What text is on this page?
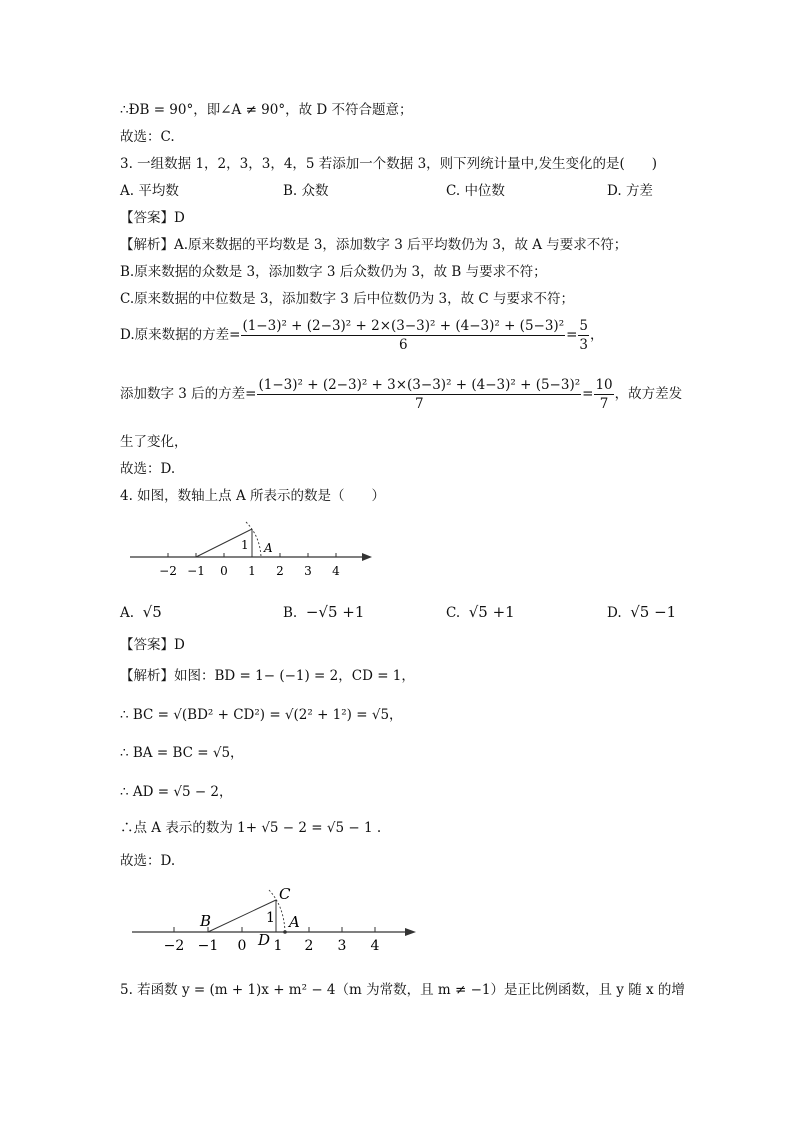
∴ÐB = 90°，即∠A ≠ 90°，故 D 不符合题意；
故选：C.
3. 一组数据 1，2，3，3，4，5 若添加一个数据 3，则下列统计量中,发生变化的是(　　)
A. 平均数	B. 众数	C. 中位数	D. 方差
【答案】D
【解析】A.原来数据的平均数是 3，添加数字 3 后平均数仍为 3，故 A 与要求不符；
B.原来数据的众数是 3，添加数字 3 后众数仍为 3，故 B 与要求不符；
C.原来数据的中位数是 3，添加数字 3 后中位数仍为 3，故 C 与要求不符；
D.原来数据的方差= $\frac{\text{(1−3)² + (2−3)² + 2×(3−3)² + (4−3)² + (5−3)²}}{6} = \frac{5}{3}$ ，
添加数字 3 后的方差= $\frac{\text{(1−3)² + (2−3)² + 3×(3−3)² + (4−3)² + (5−3)²}}{7} = \frac{10}{7}$ ，故方差发
生了变化，
故选：D.
4. 如图，数轴上点 A 所表示的数是（　　）
1 A
−2 −1 0 1 2 3 4
A. √5	B. −√5 +1	C. √5 +1	D. √5 −1
【答案】D
【解析】如图：BD = 1− (−1) = 2，CD = 1，
∴ BC = √(BD² + CD²) = √(2² + 1²) = √5，
∴ BA = BC = √5，
∴ AD = √5 − 2，
∴点 A 表示的数为 1+ √5 − 2 = √5 − 1 .
故选：D.
C
B	1 A
D
−2 −1 0 1 2 3 4
5. 若函数 y = (m + 1)x + m² − 4（m 为常数，且 m ≠ −1）是正比例函数，且 y 随 x 的增
